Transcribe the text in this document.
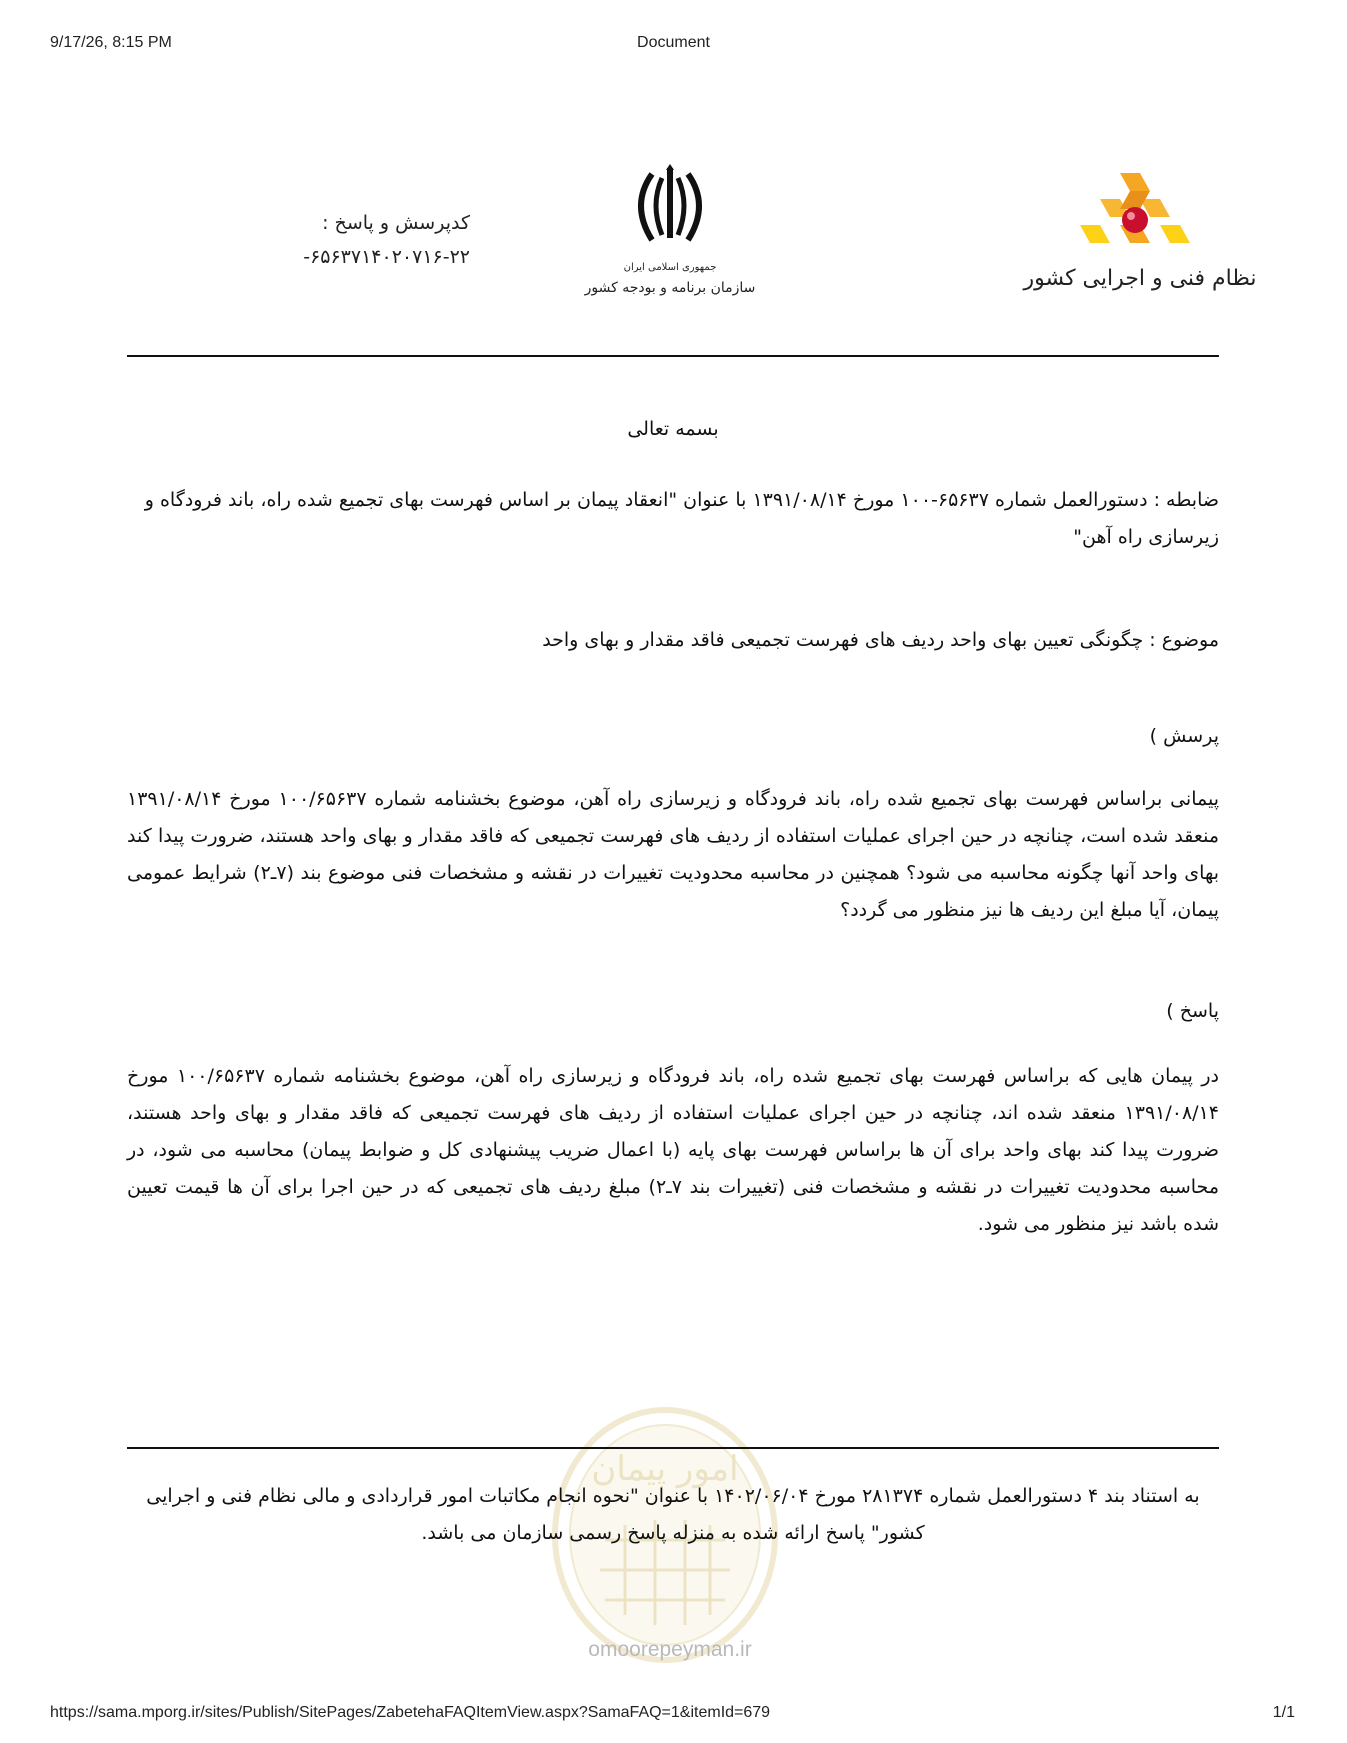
9/17/26, 8:15 PM	Document
نظام فنی و اجرایی کشور
جمهوری اسلامی ایران
سازمان برنامه و بودجه کشور
کدپرسش و پاسخ :
۶۵۶۳۷۱۴۰۲۰۷۱۶-۲۲-
بسمه تعالی
ضابطه : دستورالعمل شماره ۶۵۶۳۷-۱۰۰ مورخ ۱۳۹۱/۰۸/۱۴ با عنوان "انعقاد پیمان بر اساس فهرست بهای تجمیع شده راه، باند فرودگاه و زیرسازی راه آهن"
موضوع : چگونگی تعیین بهای واحد ردیف های فهرست تجمیعی فاقد مقدار و بهای واحد
پرسش )
پیمانی براساس فهرست بهای تجمیع شده راه، باند فرودگاه و زیرسازی راه آهن، موضوع بخشنامه شماره ۱۰۰/۶۵۶۳۷ مورخ ۱۳۹۱/۰۸/۱۴ منعقد شده است، چنانچه در حین اجرای عملیات استفاده از ردیف های فهرست تجمیعی که فاقد مقدار و بهای واحد هستند، ضرورت پیدا کند بهای واحد آنها چگونه محاسبه می شود؟ همچنین در محاسبه محدودیت تغییرات در نقشه و مشخصات فنی موضوع بند (۷ـ۲) شرایط عمومی پیمان، آیا مبلغ این ردیف ها نیز منظور می گردد؟
پاسخ )
در پیمان هایی که براساس فهرست بهای تجمیع شده راه، باند فرودگاه و زیرسازی راه آهن، موضوع بخشنامه شماره ۱۰۰/۶۵۶۳۷ مورخ ۱۳۹۱/۰۸/۱۴ منعقد شده اند، چنانچه در حین اجرای عملیات استفاده از ردیف های فهرست تجمیعی که فاقد مقدار و بهای واحد هستند، ضرورت پیدا کند بهای واحد برای آن ها براساس فهرست بهای پایه (با اعمال ضریب پیشنهادی کل و ضوابط پیمان) محاسبه می شود، در محاسبه محدودیت تغییرات در نقشه و مشخصات فنی (تغییرات بند ۷ـ۲) مبلغ ردیف های تجمیعی که در حین اجرا برای آن ها قیمت تعیین شده باشد نیز منظور می شود.
امور پیمان
به استناد بند ۴ دستورالعمل شماره ۲۸۱۳۷۴ مورخ ۱۴۰۲/۰۶/۰۴ با عنوان "نحوه انجام مکاتبات امور قراردادی و مالی نظام فنی و اجرایی کشور" پاسخ ارائه شده به منزله پاسخ رسمی سازمان می باشد.
omoorepeyman.ir
https://sama.mporg.ir/sites/Publish/SitePages/ZabetehaFAQItemView.aspx?SamaFAQ=1&itemId=679	1/1
